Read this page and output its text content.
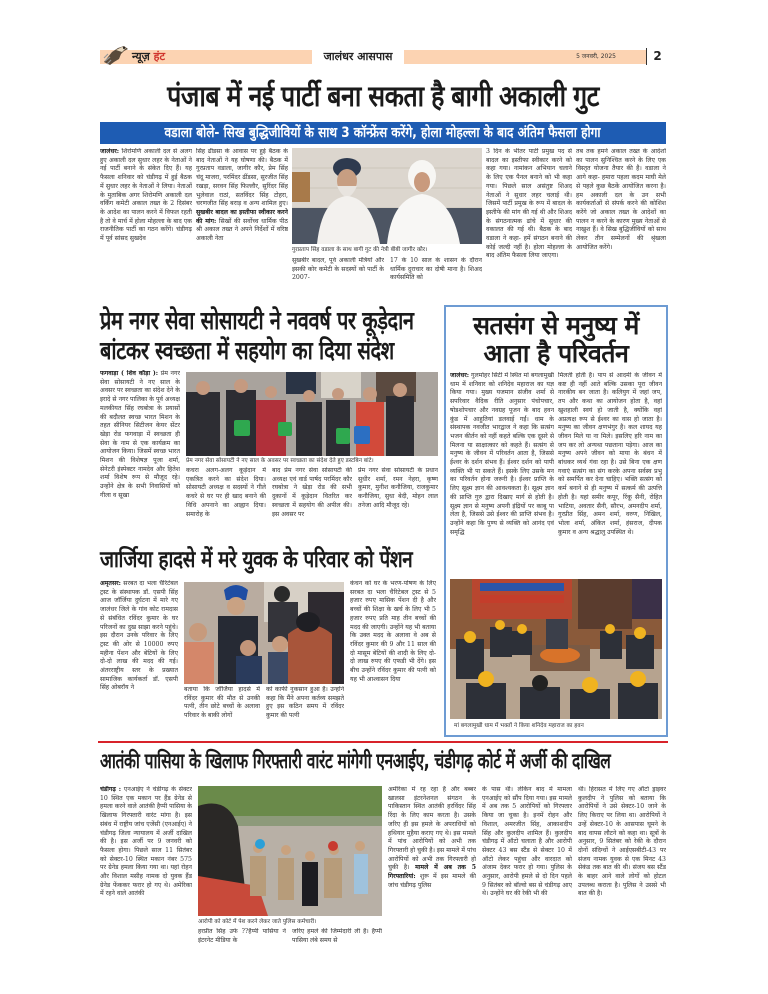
न्यूज़ हंट	जालंधर आसपास	5 जनवरी, 2025	2
पंजाब में नई पार्टी बना सकता है बागी अकाली गुट
वडाला बोले- सिख बुद्धिजीवियों के साथ 3 कॉन्फ्रेंस करेंगे, होला मोहल्ला के बाद अंतिम फैसला होगा
जालंधर: शिरोमणि अकाली दल से अलग हुए अकाली दल सुधार लहर के नेताओं ने नई पार्टी बनाने के संकेत दिए हैं। यह फैसला शनिवार को चंडीगढ़ में हुई बैठक में सुधार लहर के नेताओं ने लिया। नेताओं के मुताबिक अगर शिरोमणि अकाली दल वर्किंग कमेटी अकाल तख्त के 2 दिसंबर के आदेश का पालन करने में विफल रहती है तो वे मार्च में होला मोहल्ला के बाद एक राजनीतिक पार्टी का गठन करेंगे। चंडीगढ़ में पूर्व सांसद सुखदेव
सिंह ढींडसा के आवास पर हुई बैठक के बाद नेताओं ने यह घोषणा की। बैठक में गुरप्रताप वडाला, जागीर कौर, प्रेम सिंह चंदू माजरा, परमिंदर ढींडसा, सुरजीत सिंह रखड़ा, सरवन सिंह फिल्लौर, सुरिंदर सिंह भुलेवाल राठां, सतविंदर सिंह टोहरा, चरणजीत सिंह बराड़ व अन्य शामिल हुए। सुखबीर बादल का इस्तीफा स्वीकार करने की मांग: सिखों की सर्वोच्च धार्मिक पीठ श्री अकाल तख्त ने अपने निर्देशों में वरिष्ठ अकाली नेता
गुरप्रताप सिंह वडाला के साथ बागी गुट की नेत्री बीबी जागीर कौर।
सुखबीर बादल, पूर्व अकाली मंत्रियों और इसकी कोर कमेटी के सदस्यों को पार्टी के 2007-
17 के 10 साल के शासन के दौरान धार्मिक दुराचार का दोषी माना है। शिअद कार्यसमिति को
3 दिन के भीतर पार्टी प्रमुख पद से बादल का इस्तीफा स्वीकार करने को कहा गया। नामांकन अभियान चलाने के लिए एक पैनल बनाने को भी कहा गया। पिछले साल असंतुष्ट शिअद नेताओं ने सुधार लहर चलाई थी। जिसमें पार्टी प्रमुख के रूप में बादल के इस्तीफे की मांग की गई थी और शिअद के संगठनात्मक ढांचे में सुधार की वकालत की गई थी। बैठक के बाद वडाला ने कहा- हमें संगठन बनाने की कोई जल्दी नहीं है। होला मोहल्ला के बाद अंतिम फैसला लिया जाएगा।
तब तक हमने अकाल तख्त के आदेशों का पालन सुनिश्चित करने के लिए एक विस्तृत योजना तैयार की है। वडाला ने आगे कहा- हमारा पहला कदम माघी मेले से पहले कुछ बैठकें आयोजित करना है। हम अकाली दल के उन सभी कार्यकर्ताओं से संपर्क करने की कोशिश करेंगे जो अकाल तख्त के आदेशों का पालन न करने के कारण मुख्य नेताओं से नाखुश हैं। वे सिख बुद्धिजीवियों को साथ लेकर तीन सम्मेलनों की श्रृंखला आयोजित करेंगे।
प्रेम नगर सेवा सोसायटी ने नववर्ष पर कूड़ेदान
बांटकर स्वच्छता में सहयोग का दिया संदेश
फगवाड़ा ( शिव कौड़ा ): प्रेम नगर सेवा सोसायटी ने नए साल के अवसर पर स्वच्छता का संदेश देने के इरादे से नगर पालिका के पूर्व अध्यक्ष मलकीयत सिंह रघबोत्रा के प्रयासों की बदौलत स्वच्छ भारत मिशन के तहत सीनियर सिटीजन केयर सेंटर खेड़ा रोड फगवाड़ा में स्वच्छता ही सेवा के नाम से एक कार्यक्रम का आयोजन किया। जिसमें स्वच्छ भारत मिशन की विशेषज्ञ पूजा शर्मा, सेनेटरी इंस्पेक्टर नामदेव और हितेश शर्मा विशेष रूप से मौजूद रहे। उन्होंने क्षेत्र के सभी निवासियों को गीला व सूखा
प्रेम नगर सेवा सोसायटी ने नए साल के अवसर पर स्वच्छता का संदेश देते हुए डस्टबिन बांटे।
कचरा अलग-अलग कूड़ेदान में एकत्रित करने का संदेश दिया। सोसायटी अध्यक्ष व सदस्यों ने गीले कचरे से घर पर ही खाद बनाने की विधि अपनाने का आह्वान दिया। समारोह के
बाद प्रेम नगर सेवा सोसायटी की अध्यक्ष एवं वार्ड पार्षद परमिंदर कौर रघबोत्रा ने खेड़ा रोड की सभी दुकानों में कूड़ेदान वितरित कर स्वच्छता में सहयोग की अपील की। इस अवसर पर
प्रेम नगर सेवा सोसायटी के प्रधान सुधीर शर्मा, रमन नेहरा, कृष्ण कुमार, मुनीश कनौजिया, राजकुमार कनौजिया, सुधा बेदी, मोहन लाल तनेजा आदि मौजूद रहे।
सतसंग से मनुष्य में
आता है परिवर्तन
जालंधर: गुलमोहर सिटी में स्थित मां बगलामुखी धाम में शनिवार को शनिदेव महाराज का यज्ञ किया गया। मुख्य यजमान संजीव शर्मा से सपरिवार वैदिक रीति अनुसार पंचोपचार, षोडशोपचार और नवग्रह पूजन के बाद हवन कुंड में आहुतियां डलवाई गईं। धाम के संस्थापक नवजीत भारद्वाज ने कहा कि सत्संग भजन कीर्तन को नहीं कहते बल्कि एक दूसरे से मिलना या साक्षात्कार को कहते हैं। सत्संग से मनुष्य के जीवन में परिवर्तन आता है, जिससे ईश्वर के दर्शन संभव हैं। ईश्वर दर्शन को पापी व्यक्ति भी पा सकते हैं। इसके लिए उसके मन का परिवर्तन होना जरूरी है। ईश्वर प्राप्ति के लिए सूक्ष्म ज्ञान की आवश्यकता है। सूक्ष्म ज्ञान की प्राप्ति गुरु द्वारा दिखाए मार्ग से होती है। सूक्ष्म ज्ञान से मनुष्य अपनी इंद्रियों पर काबू पा लेता है, जिससे उसे ईश्वर की प्राप्ति संभव है। उन्होंने कहा कि पुण्य से व्यक्ति को आनंद एवं समृद्धि
मिलती होती है। पाप से आदमी के जीवन में कष्ट ही नहीं आते बल्कि उसका पूरा जीवन नारकीय बन जाता है। कलियुग में जहां जप, तप और कथा का आयोजन होता है, वहां खुशहाली स्वयं हो जाती है, क्योंकि वहां अप्रत्यक्ष रूप से ईश्वर का वास हो जाता है। मनुष्य का जीवन क्षणभंगुर है। कल शायद यह जीवन मिले या ना मिले। इसलिए हरि नाम का जप कर लो अन्यथा पछताना पड़ेगा। आज का मनुष्य अपने जीवन को माया के बंधन में बांधकर व्यर्थ गंवा रहा है। उसे बिना एक क्षण गवाएं सत्संग का संग करके अपना सर्वस्व प्रभु को समर्पित कर देना चाहिए। भक्ति सत्संग को कर्म बनाने से ही मनुष्य में सत्कर्म की उत्पत्ति होती है। यहां समीर कपूर, रिंकू सैनी, रोहित भाटिया, अवतार सैनी, सौरभ, अमनदीप शर्मा, गुरप्रीत सिंह, अमन शर्मा, वरुण, निखिल, भोला शर्मा, अंकित शर्मा, हंसराज, दीपक कुमार व अन्य श्रद्धालु उपस्थित थे।
मां बगलामुखी धाम में भक्तों ने किया शनिदेव महाराज का हवन
जार्जिया हादसे में मरे युवक के परिवार को पेंशन
अमृतसर: सरबत दा भला चैरिटेबल ट्रस्ट के संस्थापक डॉ. एसपी सिंह आज जॉर्जिया दुर्घटना में मारे गए जालंधर जिले के गांव कोट रामदास से संबंधित रविंदर कुमार के घर परिजनों का दुख साझा करने पहुंचे। इस दौरान उनके परिवार के लिए ट्रस्ट की ओर से 10000 रुपए महीना पेंशन और बेटियों के लिए दो-दो लाख की मदद की गई। अंतरराष्ट्रीय स्तर के प्रख्यात सामाजिक कार्यकर्ता डॉ. एसपी सिंह ओबरॉय ने	बताया कि जॉर्जिया हादसे में रविंदर कुमार की मौत से उनकी पत्नी, तीन छोटे बच्चों के अलावा परिवार के बाकी लोगों
को काफी नुकसान हुआ है। उन्होंने कहा कि मैंने अपना कर्तव्य समझते हुए इस कठिन समय में रविंदर कुमार की पत्नी
कंचन को घर के भरण-पोषण के लिए सरबत दा भला चैरिटेबल ट्रस्ट से 5 हजार रुपए मासिक पेंशन दी है और बच्चों की शिक्षा के खर्च के लिए भी 5 हजार रुपए प्रति माह तीन बच्चों की मदद की जाएगी। उन्होंने यह भी बताया कि उक्त मदद के अलावा वे अब से रविंदर कुमार की 9 और 11 साल की दो मासूम बेटियों की शादी के लिए दो-दो लाख रुपए की एफडी भी देंगे। इस बीच उन्होंने रविंदर कुमार की पत्नी को यह भी आश्वासन दिया
आतंकी पासिया के खिलाफ गिरफ्तारी वारंट मांगेगी एनआईए, चंडीगढ़ कोर्ट में अर्जी की दाखिल
चंडीगढ़ : एनआईए ने चंडीगढ़ के सेक्टर 10 स्थित एक मकान पर हैंड ग्रेनेड से हमला करने वाले आतंकी हैप्पी पासिया के खिलाफ गिरफ्तारी वारंट मांगा है। इस संबंध में राष्ट्रीय जांच एजेंसी (एनआईए) ने चंडीगढ़ जिला न्यायालय में अर्जी दाखिल की है। इस अर्जी पर 9 जनवरी को फैसला होगा। पिछले साल 11 सितंबर को सेक्टर-10 स्थित मकान नंबर 575 पर ग्रेनेड हमला किया गया था। यहां रोहन और विशाल मसीह नामक दो युवक हैंड ग्रेनेड फेंककर फरार हो गए थे। अमेरिका में रहने वाले आतंकी
आरोपी को कोर्ट में पेश करने लेकर जाते पुलिस कर्मचारी।
हरप्रीत सिंह उर्फ ??हैप्पी पासिया ने इंटरनेट मीडिया के
जरिए हमले की जिम्मेदारी ली है। हैप्पी पासिया लंबे समय से
अमेरिका में रह रहा है और बब्बर खालसा इंटरनेशनल संगठन के पाकिस्तान स्थित आतंकी हरविंदर सिंह रिंदा के लिए काम करता है। उसके जरिए ही इस हमले के अपराधियों को हथियार मुहैया कराए गए थे। इस मामले में पांच आरोपियों को अभी तक गिरफ्तारी हो चुकी है। इस मामले में पांच आरोपियों को अभी तक गिरफ्तारी हो चुकी है। मामले में अब तक 5 गिरफ्तारियां: शुरू में इस मामले की जांच चंडीगढ़ पुलिस
के पास थी। लेकिन बाद में मामला एनआईए को सौंप दिया गया। इस मामले में अब तक 5 आरोपियों को गिरफ्तार किया जा चुका है। इनमें रोहन और विशाल, अमरजीत सिंह, आकाशदीप सिंह और कुलदीप शामिल हैं। कुलदीप चंडीगढ़ में ऑटो चलाता है और आरोपी सेक्टर 43 बस स्टैंड से सेक्टर 10 में ऑटो लेकर पहुंचा और वारदात को अंजाम देकर फरार हो गया। पुलिस के अनुसार, आरोपी हमले से दो दिन पहले 9 सितंबर को बॉल्वो बस से चंडीगढ़ आए थे। उन्होंने घर की रेकी भी की
थी। हिरासत में लिए गए ऑटो ड्राइवर कुलदीप ने पुलिस को बताया कि आरोपियों ने उसे सेक्टर-10 जाने के लिए किराए पर लिया था। आरोपियों ने उन्हें सेक्टर-10 के आसपास घूमने के बाद वापस लौटने को कहा था। सूत्रों के अनुसार, 9 सितंबर को रेकी के दौरान दोनों संदिग्धों ने आईएसबीटी-43 पर संजय नामक युवक से एक मिनट 43 सेकंड तक बात की थी। संजय बस स्टैंड के बाहर आने वाले लोगों को होटल उपलब्ध कराता है। पुलिस ने उससे भी बात की है।
